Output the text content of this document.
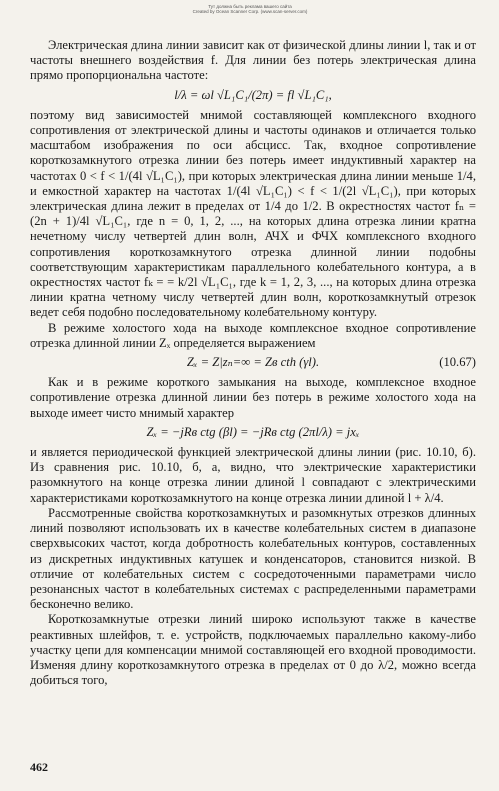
Тут должна быть реклама вашего сайта
Created by Ocean Scanner Corp. (www.scan-server.com)

Электрическая длина линии зависит как от физической длины линии l, так и от частоты внешнего воздействия f. Для линии без потерь электрическая длина прямо пропорциональна частоте:

l/λ = ωl √L₁C₁/(2π) = fl √L₁C₁,

поэтому вид зависимостей мнимой составляющей комплексного входного сопротивления от электрической длины и частоты одинаков и отличается только масштабом изображения по оси абсцисс. Так, входное сопротивление короткозамкнутого отрезка линии без потерь имеет индуктивный характер на частотах 0 < f < 1/(4l √L₁C₁), при которых электрическая длина линии меньше 1/4, и емкостной характер на частотах 1/(4l √L₁C₁) < f < 1/(2l √L₁C₁), при которых электрическая длина лежит в пределах от 1/4 до 1/2. В окрестностях частот fₙ = (2n + 1)/4l √L₁C₁, где n = 0, 1, 2, ..., на которых длина отрезка линии кратна нечетному числу четвертей длин волн, АЧХ и ФЧХ комплексного входного сопротивления короткозамкнутого отрезка длинной линии подобны соответствующим характеристикам параллельного колебательного контура, а в окрестностях частот fₖ = = k/2l √L₁C₁, где k = 1, 2, 3, ..., на которых длина отрезка линии кратна четному числу четвертей длин волн, короткозамкнутый отрезок ведет себя подобно последовательному колебательному контуру.

В режиме холостого хода на выходе комплексное входное сопротивление отрезка длинной линии Zₓ определяется выражением

Zₓ = Z|zₙ=∞ = Zв cth (γl).	(10.67)

Как и в режиме короткого замыкания на выходе, комплексное входное сопротивление отрезка длинной линии без потерь в режиме холостого хода на выходе имеет чисто мнимый характер

Zₓ = −jRв ctg (βl) = −jRв ctg (2πl/λ) = jxₓ

и является периодической функцией электрической длины линии (рис. 10.10, б). Из сравнения рис. 10.10, б, а, видно, что электрические характеристики разомкнутого на конце отрезка линии длиной l совпадают с электрическими характеристиками короткозамкнутого на конце отрезка линии длиной l + λ/4.

Рассмотренные свойства короткозамкнутых и разомкнутых отрезков длинных линий позволяют использовать их в качестве колебательных систем в диапазоне сверхвысоких частот, когда добротность колебательных контуров, составленных из дискретных индуктивных катушек и конденсаторов, становится низкой. В отличие от колебательных систем с сосредоточенными параметрами число резонансных частот в колебательных системах с распределенными параметрами бесконечно велико.

Короткозамкнутые отрезки линий широко используют также в качестве реактивных шлейфов, т. е. устройств, подключаемых параллельно какому-либо участку цепи для компенсации мнимой составляющей его входной проводимости. Изменяя длину короткозамкнутого отрезка в пределах от 0 до λ/2, можно всегда добиться того,

462
